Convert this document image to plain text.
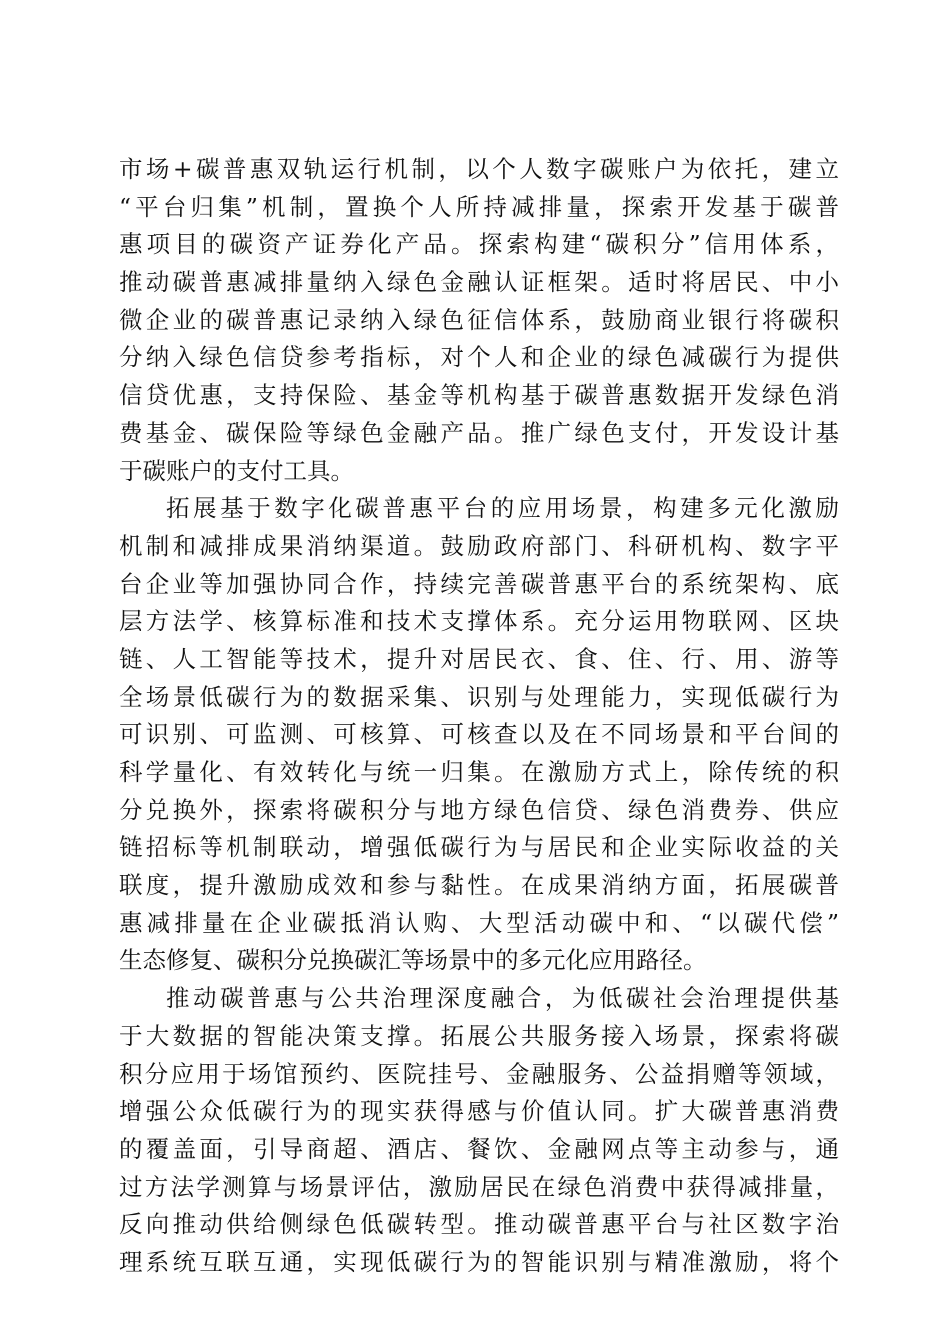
市场+碳普惠双轨运行机制，以个人数字碳账户为依托，建立
“平台归集”机制，置换个人所持减排量，探索开发基于碳普
惠项目的碳资产证券化产品。探索构建“碳积分”信用体系，
推动碳普惠减排量纳入绿色金融认证框架。适时将居民、中小
微企业的碳普惠记录纳入绿色征信体系，鼓励商业银行将碳积
分纳入绿色信贷参考指标，对个人和企业的绿色减碳行为提供
信贷优惠，支持保险、基金等机构基于碳普惠数据开发绿色消
费基金、碳保险等绿色金融产品。推广绿色支付，开发设计基
于碳账户的支付工具。
拓展基于数字化碳普惠平台的应用场景，构建多元化激励
机制和减排成果消纳渠道。鼓励政府部门、科研机构、数字平
台企业等加强协同合作，持续完善碳普惠平台的系统架构、底
层方法学、核算标准和技术支撑体系。充分运用物联网、区块
链、人工智能等技术，提升对居民衣、食、住、行、用、游等
全场景低碳行为的数据采集、识别与处理能力，实现低碳行为
可识别、可监测、可核算、可核查以及在不同场景和平台间的
科学量化、有效转化与统一归集。在激励方式上，除传统的积
分兑换外，探索将碳积分与地方绿色信贷、绿色消费券、供应
链招标等机制联动，增强低碳行为与居民和企业实际收益的关
联度，提升激励成效和参与黏性。在成果消纳方面，拓展碳普
惠减排量在企业碳抵消认购、大型活动碳中和、“以碳代偿”
生态修复、碳积分兑换碳汇等场景中的多元化应用路径。
推动碳普惠与公共治理深度融合，为低碳社会治理提供基
于大数据的智能决策支撑。拓展公共服务接入场景，探索将碳
积分应用于场馆预约、医院挂号、金融服务、公益捐赠等领域，
增强公众低碳行为的现实获得感与价值认同。扩大碳普惠消费
的覆盖面，引导商超、酒店、餐饮、金融网点等主动参与，通
过方法学测算与场景评估，激励居民在绿色消费中获得减排量，
反向推动供给侧绿色低碳转型。推动碳普惠平台与社区数字治
理系统互联互通，实现低碳行为的智能识别与精准激励，将个
